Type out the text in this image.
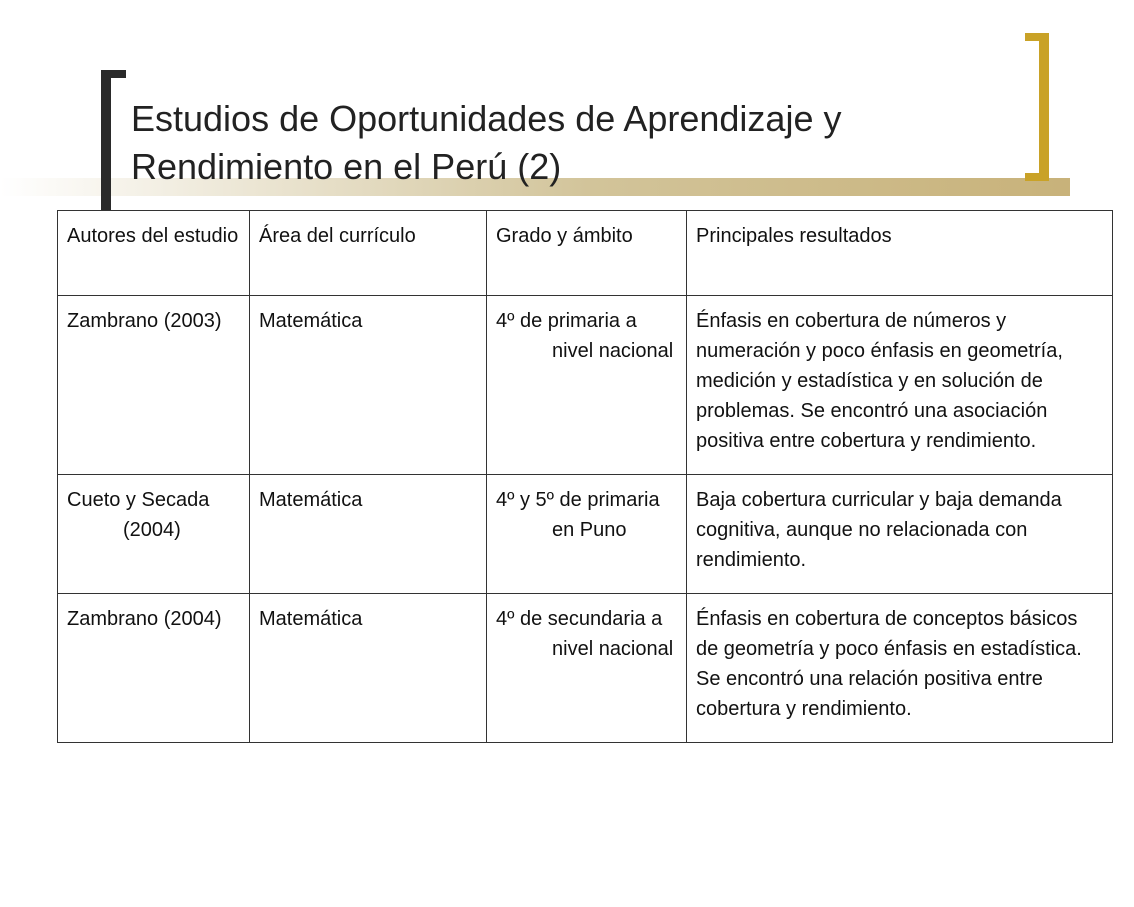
Estudios de Oportunidades de Aprendizaje y
Rendimiento en el Perú (2)
Autores del estudio	Área del currículo	Grado y ámbito	Principales resultados

Zambrano (2003)	Matemática	4º de primaria a nivel nacional	Énfasis en cobertura de números y numeración y poco énfasis en geometría, medición y estadística y en solución de problemas. Se encontró una asociación positiva entre cobertura y rendimiento.

Cueto y Secada (2004)	Matemática	4º y 5º de primaria en Puno	Baja cobertura curricular y baja demanda cognitiva, aunque no relacionada con rendimiento.

Zambrano (2004)	Matemática	4º de secundaria a nivel nacional	Énfasis en cobertura de conceptos básicos de geometría y poco énfasis en estadística. Se encontró una relación positiva entre cobertura y rendimiento.
